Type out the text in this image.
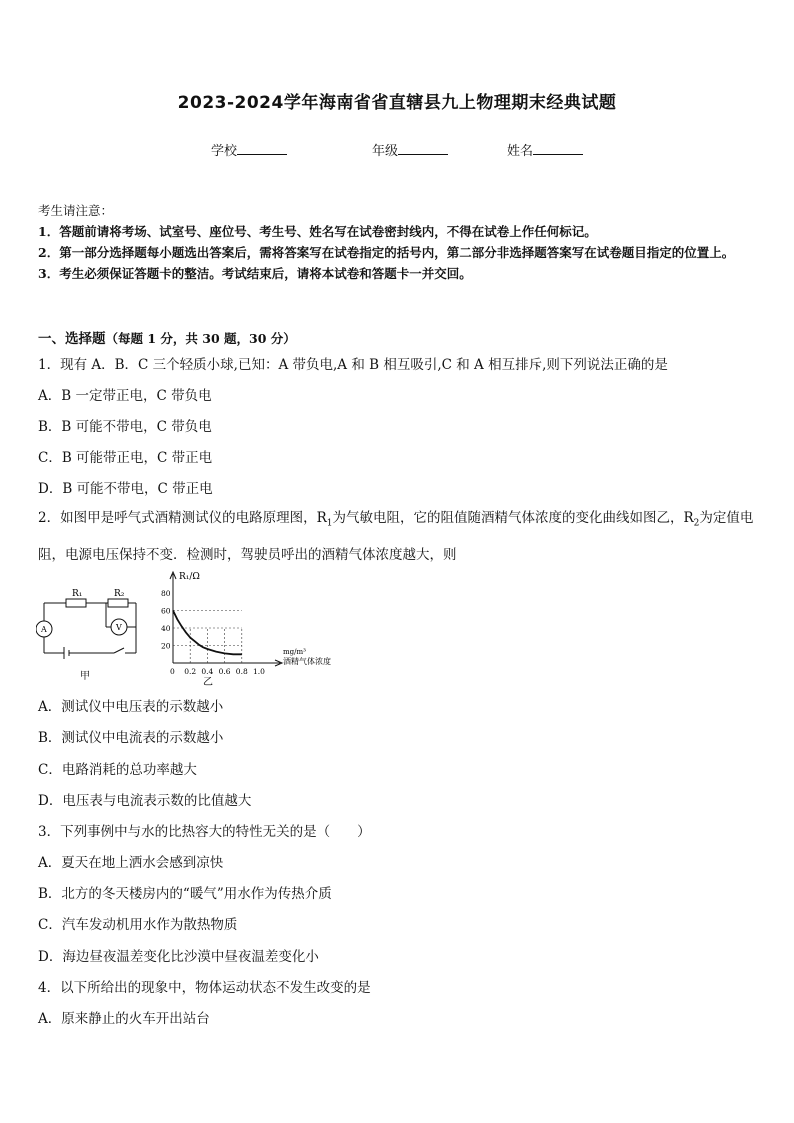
2023-2024学年海南省省直辖县九上物理期末经典试题
学校	年级	姓名
考生请注意：
1．答题前请将考场、试室号、座位号、考生号、姓名写在试卷密封线内，不得在试卷上作任何标记。
2．第一部分选择题每小题选出答案后，需将答案写在试卷指定的括号内，第二部分非选择题答案写在试卷题目指定的位置上。
3．考生必须保证答题卡的整洁。考试结束后，请将本试卷和答题卡一并交回。
一、选择题（每题 1 分，共 30 题，30 分）
1．现有 A．B．C 三个轻质小球,已知：A 带负电,A 和 B 相互吸引,C 和 A 相互排斥,则下列说法正确的是
A．B 一定带正电，C 带负电
B．B 可能不带电，C 带负电
C．B 可能带正电，C 带正电
D．B 可能不带电，C 带正电
2．如图甲是呼气式酒精测试仪的电路原理图，$R_1$为气敏电阻，它的阻值随酒精气体浓度的变化曲线如图乙，$R_2$为定值电阻，电源电压保持不变．检测时，驾驶员呼出的酒精气体浓度越大，则
R₁	R₂
A	V
甲	0 0.2 0.4 0.6 0.8 1.0
20
40
60
80
R₁/Ω
mg/m³
酒精气体浓度
乙
A．测试仪中电压表的示数越小
B．测试仪中电流表的示数越小
C．电路消耗的总功率越大
D．电压表与电流表示数的比值越大
3．下列事例中与水的比热容大的特性无关的是（　　）
A．夏天在地上洒水会感到凉快
B．北方的冬天楼房内的“暖气”用水作为传热介质
C．汽车发动机用水作为散热物质
D．海边昼夜温差变化比沙漠中昼夜温差变化小
4．以下所给出的现象中，物体运动状态不发生改变的是
A．原来静止的火车开出站台
